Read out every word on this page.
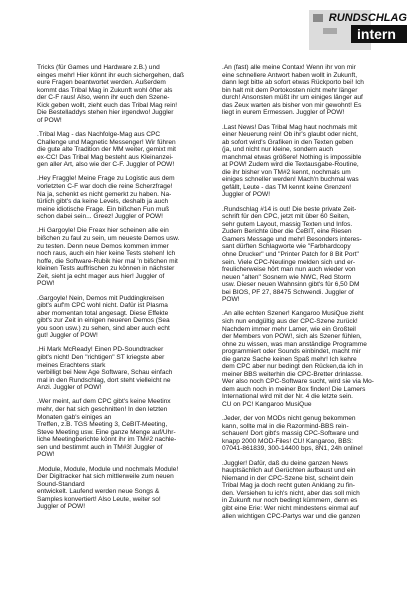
RUNDSCHLAG
intern

Tricks (für Games und Hardware z.B.) und
einges mehr! Hier könnt ihr euch sichergehen, daß
eure Fragen beantwortet werden. Außerdem
kommt das Tribal Mag in Zukunft wohl öfter als
der C-F raus! Also, wenn ihr euch den Szene-
Kick geben wollt, zieht euch das Tribal Mag rein!
Die Bestelladdys stehen hier irgendwo! Juggler
of POW!

.Tribal Mag - das Nachfolge-Mag aus CPC
Challenge und Magnetic Messenger! Wir führen
die gute alte Tradition der MM weiter, gemixt mit
ex-CC! Das Tribal Mag besteht aus Kleinanzei-
gen aller Art, also wie der C-F. Juggler of POW!

.Hey Fraggle! Meine Frage zu Logistic aus dem
vorletzten C-F war doch die reine Scherzfrage!
Na ja, schenkt es nicht gemerkt zu haben. Na-
türlich gibt's da keine Levels, deshalb ja auch
meine idiotische Frage. Ein bißchen Fun muß
schon dabei sein... Greez! Juggler of POW!

.Hi Gargoyle! Die Freax hier scheinen alle ein
bißchen zu faul zu sein, um neueste Demos usw.
zu testen. Denn neue Demos kommen immer
noch raus, auch ein hier keine Tests stehen! Ich
hoffe, die Software-Rubik hier mal 'n bißchen mit
kleinen Tests auffrischen zu können in nächster
Zeit, sieht ja echt mager aus hier! Juggler of
POW!

.Gargoyle! Nein, Demos mit Puddingkreisen
gibt's auf'm CPC wohl nicht. Dafür ist Plasma
aber momentan total angesagt. Diese Effekte
gibt's zur Zeit in einigen neueren Demos (Sea
you soon usw.) zu sehen, sind aber auch echt
gut! Juggler of POW!

.Hi Mark McReady! Einen PD-Soundtracker
gibt's nicht! Den "richtigen" ST kriegste aber
meines Erachtens stark
verbilligt bei New Age Software, Schau einfach
mal in den Rundschlag, dort steht vielleicht ne
Anzi. Juggler of POW!

.Wer meint, auf dem CPC gibt's keine Meetinx
mehr, der hat sich geschnitten! In den letzten
Monaten gab's einiges an
Treffen, z.B. TGS Meeting 3, CeBIT-Meeting,
Steve Meeting usw. Eine ganze Menge auf/Uhr-
liche Meetingberichte könnt ihr im TM#2 nachle-
sen und bestimmt auch in TM#3! Juggler of
POW!

.Module, Module, Module und nochmals Module!
Der Digitracker hat sich mittlerweile zum neuen
Sound-Standard
entwickelt. Laufend werden neue Songs &
Samples konvertiert! Also Leute, weiter so!
Juggler of POW!

.An (fast) alle meine Contax! Wenn ihr von mir
eine schnellere Antwort haben wollt in Zukunft,
dann legt bitte ab sofort etwas Rückporto bei! Ich
bin halt mit dem Portokosten nicht mehr länger
durch! Ansonsten müßt ihr um einiges länger auf
das Zeux warten als bisher von mir gewohnt! Es
liegt in eurem Ermessen. Juggler of POW!

.Last News! Das Tribal Mag haut nochmals mit
einer Neuerung rein! Ob ihr's glaubt oder nicht,
ab sofort wird's Grafiken in den Texten geben
(ja, und nicht nur kleine, sondern auch
manchmal etwas größere! Nothing is impossible
at POW! Zudem wird die Textausgabe-Routine,
die ihr bisher von TM#2 kennt, nochmals um
einiges schneller werden! Mach'n buchmal was
gefällt, Leute - das TM kennt keine Grenzen!
Juggler of POW!

.Rundschlag #14 is out! Die beste private Zeit-
schrift für den CPC, jetzt mit über 60 Seiten,
sehr gutem Layout, massig Texten und Infos.
Zudem Berichte über die CeBIT, eine Riesen
Gamers Message und mehr! Besonders interes-
sant dürften Schlagworte wie "Farbhardcopy
ohne Drucker" und "Printer Patch for 8 Bit Port"
sein. Viele CPC-Neulinge melden sich und er-
freulicherweise hört man nun auch wieder von
neuen "alten" Sosnern wie NWC, Red Storm
usw. Dieser neuen Wahnsinn gibt's für 6,50 DM
bei BIOS, PF 27, 88475 Schwendi. Juggler of
POW!

.An alle echten Szener! Kangaroo MusiQue zieht
sich nun endgültig aus der CPC-Szene zurück!
Nachdem immer mehr Lamer, wie ein Großteil
der Members von POW!, sich als Szener fühlen,
ohne zu wissen, was man anständige Programme
programmiert oder Sounds einbindet, macht mir
die ganze Sache keinen Spaß mehr! Ich kehre
dem CPC aber nur bedingt den Rücken,da ich in
meiner BBS weiterhin die CPC-Bretter drinlasse.
Wer also noch CPC-Software sucht, wird sie via Mo-
dem auch noch in meiner Box finden! Die Lamers
International wird mit der Nr. 4 die letzte sein.
CU on PC! Kangaroo MusiQue

.Jeder, der von MODs nicht genug bekommen
kann, sollte mal in die Razormind-BBS rein-
schauen! Dort gibt's massig CPC-Software und
knapp 2000 MOD-Files! CU! Kangaroo, BBS:
07041-861839, 300-14400 bps, 8N1, 24h online!

.Juggler! Dafür, daß du deine ganzen News
hauptsächlich auf Gerüchten aufbaust und ein
Niemand in der CPC-Szene bist, scheint dein
Tribal Mag ja doch recht guten Anklang zu fin-
den. Versiehen tu ich's nicht, aber das soll mich
in Zukunft nur noch bedingt kümmern, denn es
gibt eine Erie: Wer nicht mindestens einmal auf
allen wichtigen CPC-Partys war und die ganzen
